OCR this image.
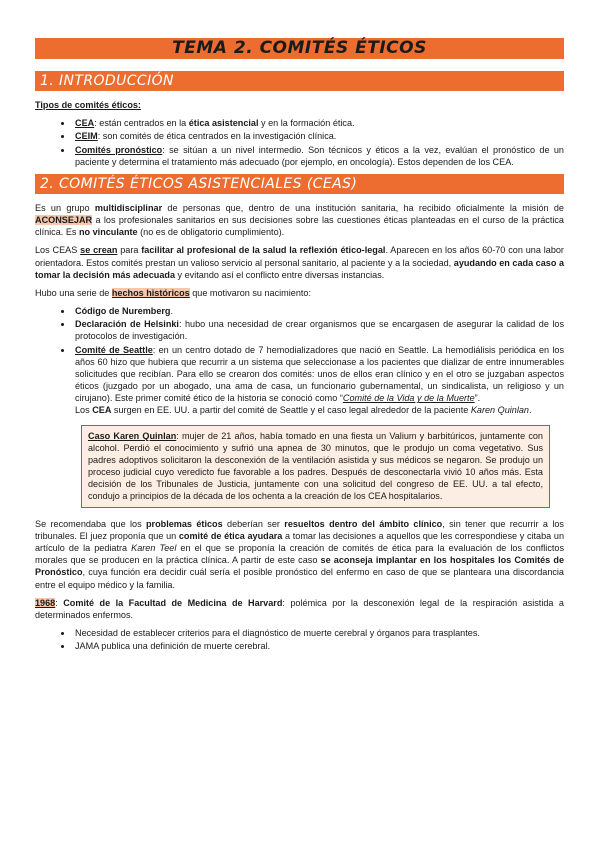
TEMA 2. COMITÉS ÉTICOS
1. INTRODUCCIÓN

Tipos de comités éticos:

• CEA: están centrados en la ética asistencial y en la formación ética.
• CEIM: son comités de ética centrados en la investigación clínica.
• Comités pronóstico: se sitúan a un nivel intermedio. Son técnicos y éticos a la vez, evalúan el pronóstico de un paciente y determina el tratamiento más adecuado (por ejemplo, en oncología). Estos dependen de los CEA.
2. COMITÉS ÉTICOS ASISTENCIALES (CEAS)

Es un grupo multidisciplinar de personas que, dentro de una institución sanitaria, ha recibido oficialmente la misión de ACONSEJAR a los profesionales sanitarios en sus decisiones sobre las cuestiones éticas planteadas en el curso de la práctica clínica. Es no vinculante (no es de obligatorio cumplimiento).

Los CEAS se crean para facilitar al profesional de la salud la reflexión ético-legal. Aparecen en los años 60-70 con una labor orientadora. Estos comités prestan un valioso servicio al personal sanitario, al paciente y a la sociedad, ayudando en cada caso a tomar la decisión más adecuada y evitando así el conflicto entre diversas instancias.

Hubo una serie de hechos históricos que motivaron su nacimiento:

• Código de Nuremberg.
• Declaración de Helsinki: hubo una necesidad de crear organismos que se encargasen de asegurar la calidad de los protocolos de investigación.
• Comité de Seattle: en un centro dotado de 7 hemodializadores que nació en Seattle. La hemodiálisis periódica en los años 60 hizo que hubiera que recurrir a un sistema que seleccionase a los pacientes que dializar de entre innumerables solicitudes que recibían. Para ello se crearon dos comités: unos de ellos eran clínico y en el otro se juzgaban aspectos éticos (juzgado por un abogado, una ama de casa, un funcionario gubernamental, un sindicalista, un religioso y un cirujano). Este primer comité ético de la historia se conoció como “Comité de la Vida y de la Muerte”.
Los CEA surgen en EE. UU. a partir del comité de Seattle y el caso legal alrededor de la paciente Karen Quinlan.
Caso Karen Quinlan: mujer de 21 años, había tomado en una fiesta un Valium y barbitúricos, juntamente con alcohol. Perdió el conocimiento y sufrió una apnea de 30 minutos, que le produjo un coma vegetativo. Sus padres adoptivos solicitaron la desconexión de la ventilación asistida y sus médicos se negaron. Se produjo un proceso judicial cuyo veredicto fue favorable a los padres. Después de desconectarla vivió 10 años más. Esta decisión de los Tribunales de Justicia, juntamente con una solicitud del congreso de EE. UU. a tal efecto, condujo a principios de la década de los ochenta a la creación de los CEA hospitalarios.

Se recomendaba que los problemas éticos deberían ser resueltos dentro del ámbito clínico, sin tener que recurrir a los tribunales. El juez proponía que un comité de ética ayudara a tomar las decisiones a aquellos que les correspondiese y citaba un artículo de la pediatra Karen Teel en el que se proponía la creación de comités de ética para la evaluación de los conflictos morales que se producen en la práctica clínica. A partir de este caso se aconseja implantar en los hospitales los Comités de Pronóstico, cuya función era decidir cuál sería el posible pronóstico del enfermo en caso de que se planteara una discordancia entre el equipo médico y la familia.

1968: Comité de la Facultad de Medicina de Harvard: polémica por la desconexión legal de la respiración asistida a determinados enfermos.

• Necesidad de establecer criterios para el diagnóstico de muerte cerebral y órganos para trasplantes.
• JAMA publica una definición de muerte cerebral.
